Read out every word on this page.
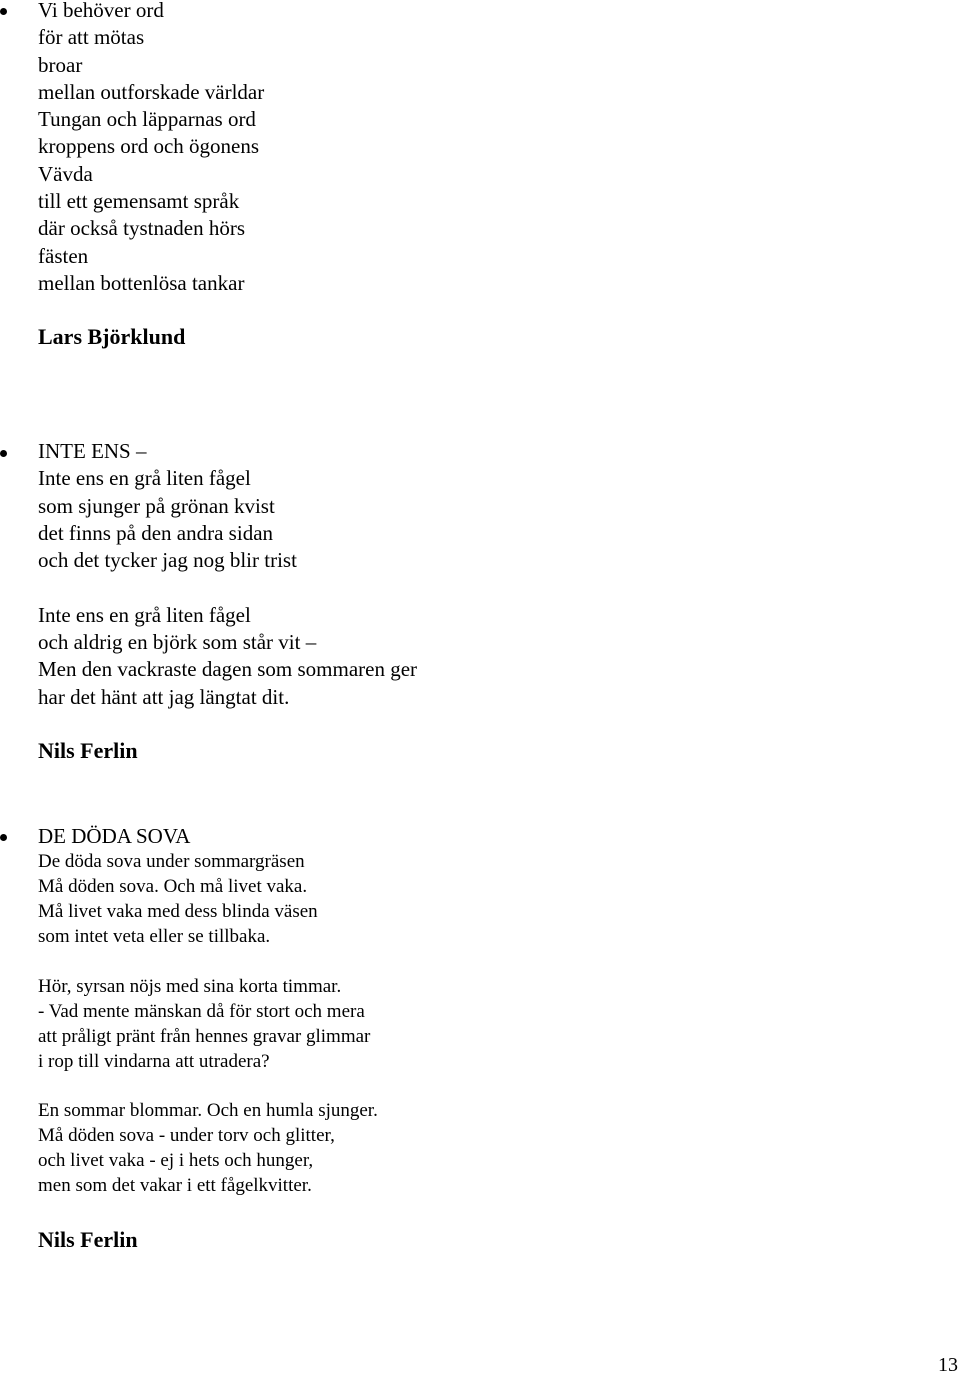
Vi behöver ord
för att mötas
broar
mellan outforskade världar
Tungan och läpparnas ord
kroppens ord och ögonens
Vävda
till ett gemensamt språk
där också tystnaden hörs
fästen
mellan bottenlösa tankar
Lars Björklund
INTE ENS –
Inte ens en grå liten fågel
som sjunger på grönan kvist
det finns på den andra sidan
och det tycker jag nog blir trist
Inte ens en grå liten fågel
och aldrig en björk som står vit –
Men den vackraste dagen som sommaren ger
har det hänt att jag längtat dit.
Nils Ferlin
DE DÖDA SOVA
De döda sova under sommargräsen
Må döden sova. Och må livet vaka.
Må livet vaka med dess blinda väsen
som intet veta eller se tillbaka.
Hör, syrsan nöjs med sina korta timmar.
- Vad mente mänskan då för stort och mera
att pråligt pränt från hennes gravar glimmar
i rop till vindarna att utradera?
En sommar blommar. Och en humla sjunger.
Må döden sova - under torv och glitter,
och livet vaka - ej i hets och hunger,
men som det vakar i ett fågelkvitter.
Nils Ferlin
13
